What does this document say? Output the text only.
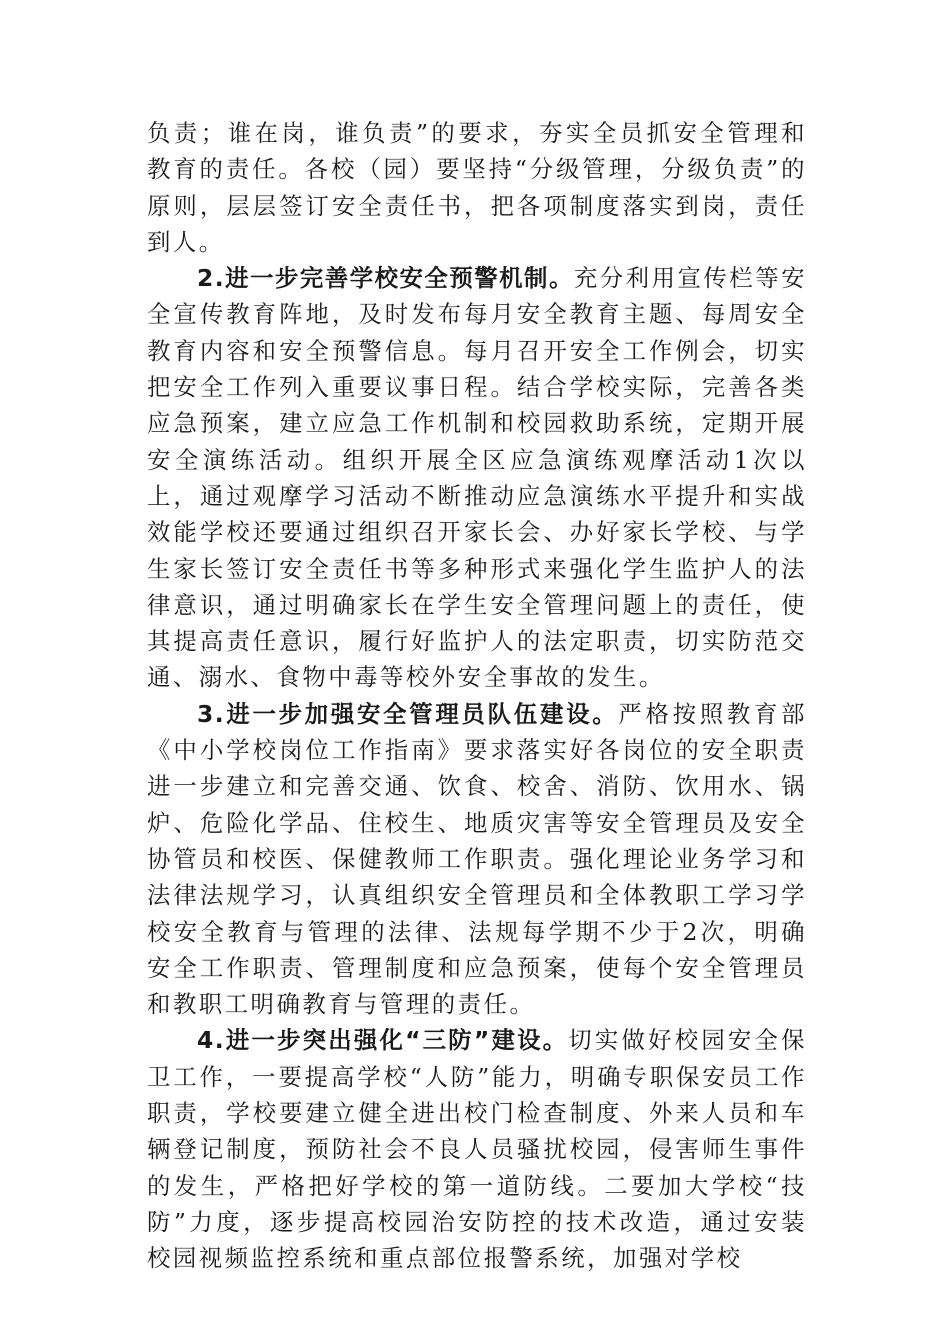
负责；谁在岗，谁负责”的要求，夯实全员抓安全管理和教育的责任。各校（园）要坚持“分级管理，分级负责”的原则，层层签订安全责任书，把各项制度落实到岗，责任到人。

2.进一步完善学校安全预警机制。充分利用宣传栏等安全宣传教育阵地，及时发布每月安全教育主题、每周安全教育内容和安全预警信息。每月召开安全工作例会，切实把安全工作列入重要议事日程。结合学校实际，完善各类应急预案，建立应急工作机制和校园救助系统，定期开展安全演练活动。组织开展全区应急演练观摩活动1次以上，通过观摩学习活动不断推动应急演练水平提升和实战效能学校还要通过组织召开家长会、办好家长学校、与学生家长签订安全责任书等多种形式来强化学生监护人的法律意识，通过明确家长在学生安全管理问题上的责任，使其提高责任意识，履行好监护人的法定职责，切实防范交通、溺水、食物中毒等校外安全事故的发生。

3.进一步加强安全管理员队伍建设。严格按照教育部《中小学校岗位工作指南》要求落实好各岗位的安全职责进一步建立和完善交通、饮食、校舍、消防、饮用水、锅炉、危险化学品、住校生、地质灾害等安全管理员及安全协管员和校医、保健教师工作职责。强化理论业务学习和法律法规学习，认真组织安全管理员和全体教职工学习学校安全教育与管理的法律、法规每学期不少于2次，明确安全工作职责、管理制度和应急预案，使每个安全管理员和教职工明确教育与管理的责任。

4.进一步突出强化“三防”建设。切实做好校园安全保卫工作，一要提高学校“人防”能力，明确专职保安员工作职责，学校要建立健全进出校门检查制度、外来人员和车辆登记制度，预防社会不良人员骚扰校园，侵害师生事件的发生，严格把好学校的第一道防线。二要加大学校“技防”力度，逐步提高校园治安防控的技术改造，通过安装校园视频监控系统和重点部位报警系统，加强对学校
